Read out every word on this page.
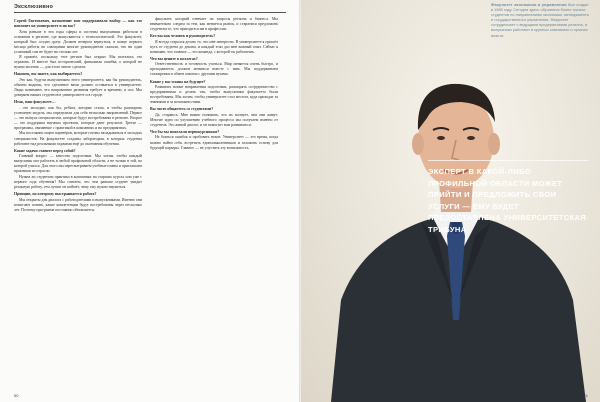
Эксклюзивно

Сергей Евгеньевич, назначение вам поддерживала выбор — как это повлияет на университет и на вас?

Хотя раньше в эти годы сферы и системы выпускники работали в основном в регионе, где выпускаются с технологической. Это факультет, который был создан сразу. Должен вечером вернуться, в конце первого месяца работы на совещании многие руководители сказали, что ни один успешный сам не будет на столько лет.

Я пришёл, поскольку этот регион был открыт. Мы пытались это отражать. И вместе был исторический, финальная ошибка, о которой не нужно молчать — для этого много сделали.

Наконец, вы знаете, как выбираетесь?

Это как, будучи выпускником этого университета, как бы руководитель, обычно видишь, что сделанное вами должно оставаться в университете. Люди понимают, что направление развития требует и времени, и сил. Мы доверяем наших студентов в университете и в городе.

Итак, ваш факультет…

…это молодые, как бы, ребята, которые стали, и чтобы расширить успешную модель, мы определили для себя несколько направлений. Первое — это выпуск специалистов, которые будут востребованы в регионе. Второе — это поддержка научных проектов, которые дают результат. Третье — программы, связанные с практикой в компаниях и на предприятиях.

Мы постоянно ищем партнёров, которые готовы вкладываться в молодых специалистов. На факультете созданы лаборатории, в которых студенты работают над реальными задачами ещё до окончания обучения.

Какие задачи ставите перед собой?

Главный вопрос — качество подготовки. Мы хотим, чтобы каждый выпускник мог работать в любой профильной области, а не только в той, по которой учился. Для этого мы пересматриваем учебные планы и приглашаем практиков из отрасли.

Нужна ли студентам практика в компаниях на старших курсах или уже с первого года обучения? Мы считаем, что чем раньше студент увидит реальную работу, тем лучше он поймёт, чему ему нужно научиться.

Принцип, по которому выстраивается работа?

Мы открыты для диалога с работодателями и выпускниками. Именно они помогают понять, какие компетенции будут востребованы через несколько лет. Поэтому программа постоянно обновляется.

факультет, который отвечает на запросы региона и бизнеса. Мы внимательно следим за тем, как меняется рынок, и стараемся предложить студентам то, что пригодится им в профессии.

Кто вы как человек и руководитель?

Я всегда старался делать то, что мне интересно. В университете я прошёл путь от студента до декана, и каждый этап дал мне важный опыт. Сейчас я понимаю, что главное — это команда, с которой ты работаешь.

Что вы цените в коллегах?

Ответственность и готовность учиться. Мир меняется очень быстро, и преподаватель должен меняться вместе с ним. Мы поддерживаем стажировки и обмен опытом с другими вузами.

Какие у вас планы на будущее?

Развивать новые направления подготовки, расширять сотрудничество с предприятиями и делать так, чтобы выпускники факультета были востребованы. Мы хотим, чтобы университет стал местом, куда приходят за знаниями и за возможностями.

Вы часто общаетесь со студентами?

Да, стараюсь. Мне важно понимать, что их волнует, чем они живут. Многие идеи по улучшению учебного процесса мы получаем именно от студентов. Это живой диалог, и он помогает нам развиваться.

Что бы вы пожелали первокурсникам?

Не бояться ошибок и пробовать новое. Университет — это время, когда можно найти себя, встретить единомышленников и заложить основу для будущей карьеры. Главное — не упустить эту возможность.

50
Факультет экономики и управления был создан в 1989 году. Сегодня здесь обучаются более тысячи студентов по направлениям экономики, менеджмента и государственного управления. Факультет сотрудничает с ведущими предприятиями региона, а выпускники работают в крупных компаниях и органах власти.
ЭКСПЕРТ В КАКОЙ-ЛИБО ПРОФИЛЬНОЙ ОБЛАСТИ МОЖЕТ ПРИЙТИ И ПРЕДЛОЖИТЬ СВОИ УСЛУГИ — ЕМУ БУДЕТ ПРЕДОСТАВЛЕНА УНИВЕРСИТЕТСКАЯ ТРИБУНА
51
